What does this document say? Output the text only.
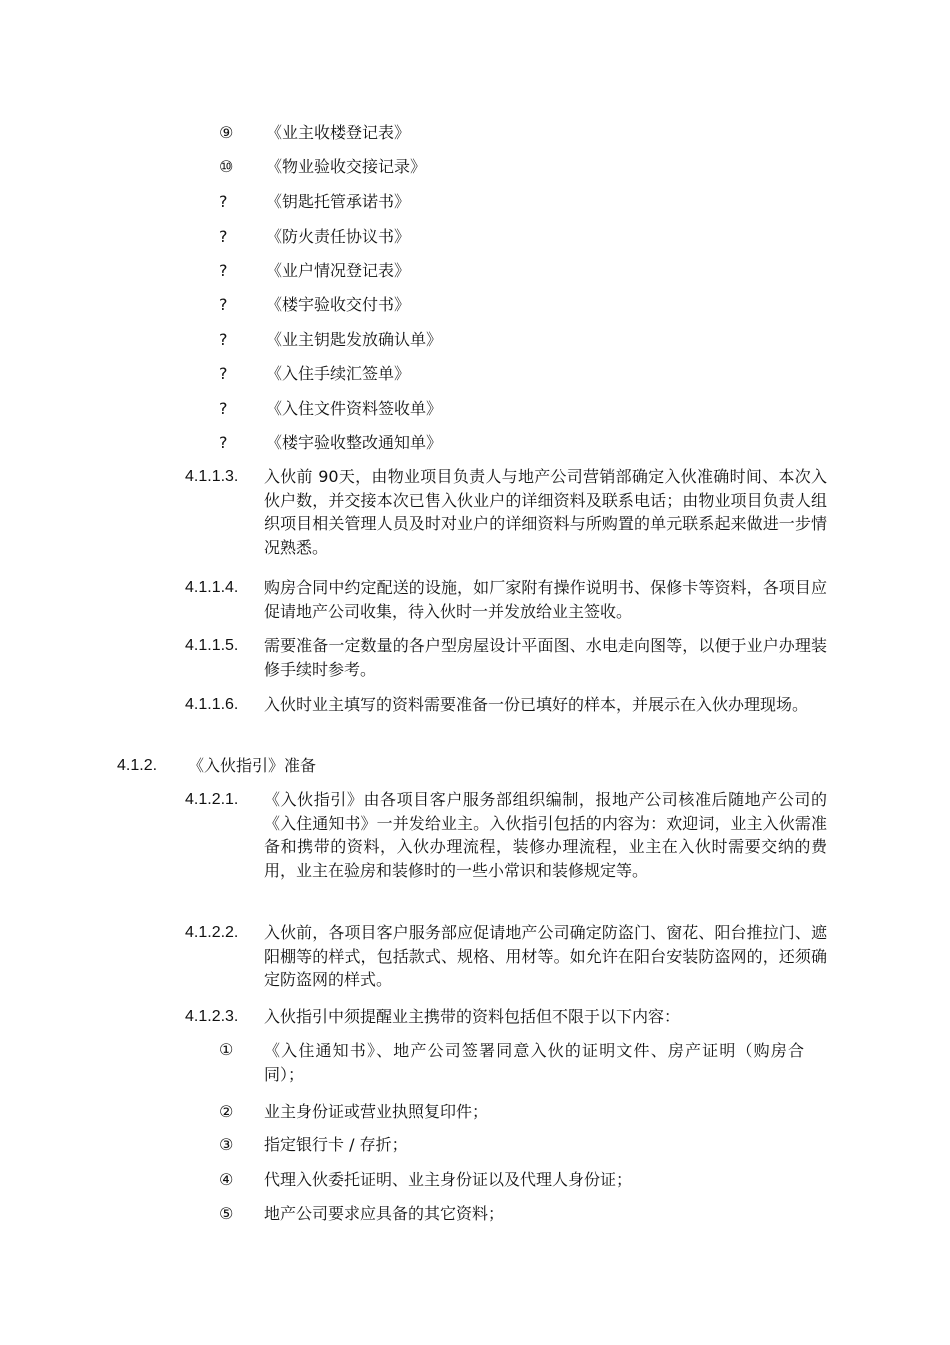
⑨ 《业主收楼登记表》
⑩ 《物业验收交接记录》
? 《钥匙托管承诺书》
? 《防火责任协议书》
? 《业户情况登记表》
? 《楼宇验收交付书》
? 《业主钥匙发放确认单》
? 《入住手续汇签单》
? 《入住文件资料签收单》
? 《楼宇验收整改通知单》
4.1.1.3. 入伙前 90天，由物业项目负责人与地产公司营销部确定入伙准确时间、本次入伙户数，并交接本次已售入伙业户的详细资料及联系电话；由物业项目负责人组织项目相关管理人员及时对业户的详细资料与所购置的单元联系起来做进一步情况熟悉。
4.1.1.4. 购房合同中约定配送的设施，如厂家附有操作说明书、保修卡等资料，各项目应促请地产公司收集，待入伙时一并发放给业主签收。
4.1.1.5. 需要准备一定数量的各户型房屋设计平面图、水电走向图等，以便于业户办理装修手续时参考。
4.1.1.6. 入伙时业主填写的资料需要准备一份已填好的样本，并展示在入伙办理现场。
4.1.2. 《入伙指引》准备
4.1.2.1. 《入伙指引》由各项目客户服务部组织编制，报地产公司核准后随地产公司的《入住通知书》一并发给业主。入伙指引包括的内容为：欢迎词，业主入伙需准备和携带的资料，入伙办理流程，装修办理流程，业主在入伙时需要交纳的费用，业主在验房和装修时的一些小常识和装修规定等。
4.1.2.2. 入伙前，各项目客户服务部应促请地产公司确定防盗门、窗花、阳台推拉门、遮阳棚等的样式，包括款式、规格、用材等。如允许在阳台安装防盗网的，还须确定防盗网的样式。
4.1.2.3. 入伙指引中须提醒业主携带的资料包括但不限于以下内容：
① 《入住通知书》、地产公司签署同意入伙的证明文件、房产证明（购房合同）；
② 业主身份证或营业执照复印件；
③ 指定银行卡 / 存折；
④ 代理入伙委托证明、业主身份证以及代理人身份证；
⑤ 地产公司要求应具备的其它资料；
